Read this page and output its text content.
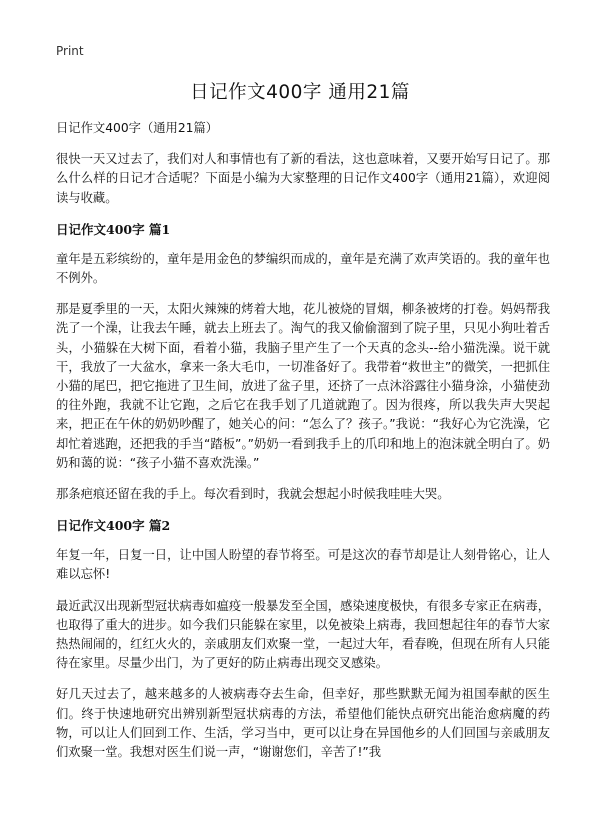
Print
日记作文400字 通用21篇

日记作文400字（通用21篇）

很快一天又过去了，我们对人和事情也有了新的看法，这也意味着，又要开始写日记了。那么什么样的日记才合适呢？下面是小编为大家整理的日记作文400字（通用21篇），欢迎阅读与收藏。

日记作文400字 篇1

童年是五彩缤纷的，童年是用金色的梦编织而成的，童年是充满了欢声笑语的。我的童年也不例外。

那是夏季里的一天，太阳火辣辣的烤着大地，花儿被烧的冒烟，柳条被烤的打卷。妈妈帮我洗了一个澡，让我去午睡，就去上班去了。淘气的我又偷偷溜到了院子里，只见小狗吐着舌头，小猫躲在大树下面，看着小猫，我脑子里产生了一个天真的念头--给小猫洗澡。说干就干，我放了一大盆水，拿来一条大毛巾，一切准备好了。我带着“救世主”的微笑，一把抓住小猫的尾巴，把它拖进了卫生间，放进了盆子里，还挤了一点沐浴露往小猫身涂，小猫使劲的往外跑，我就不让它跑，之后它在我手划了几道就跑了。因为很疼，所以我失声大哭起来，把正在午休的奶奶吵醒了，她关心的问：“怎么了？孩子。”我说：“我好心为它洗澡，它却忙着逃跑，还把我的手当“踏板”。”奶奶一看到我手上的爪印和地上的泡沫就全明白了。奶奶和蔼的说：“孩子小猫不喜欢洗澡。”

那条疤痕还留在我的手上。每次看到时，我就会想起小时候我哇哇大哭。

日记作文400字 篇2

年复一年，日复一日，让中国人盼望的春节将至。可是这次的春节却是让人刻骨铭心，让人难以忘怀!

最近武汉出现新型冠状病毒如瘟疫一般暴发至全国，感染速度极快，有很多专家正在病毒，也取得了重大的进步。如今我们只能躲在家里，以免被染上病毒，我回想起往年的春节大家热热闹闹的，红红火火的，亲戚朋友们欢聚一堂，一起过大年，看春晚，但现在所有人只能待在家里。尽量少出门，为了更好的防止病毒出现交叉感染。

好几天过去了，越来越多的人被病毒夺去生命，但幸好，那些默默无闻为祖国奉献的医生们。终于快速地研究出辨别新型冠状病毒的方法，希望他们能快点研究出能治愈病魔的药物，可以让人们回到工作、生活，学习当中，更可以让身在异国他乡的人们回国与亲戚朋友们欢聚一堂。我想对医生们说一声，“谢谢您们，辛苦了!”我
